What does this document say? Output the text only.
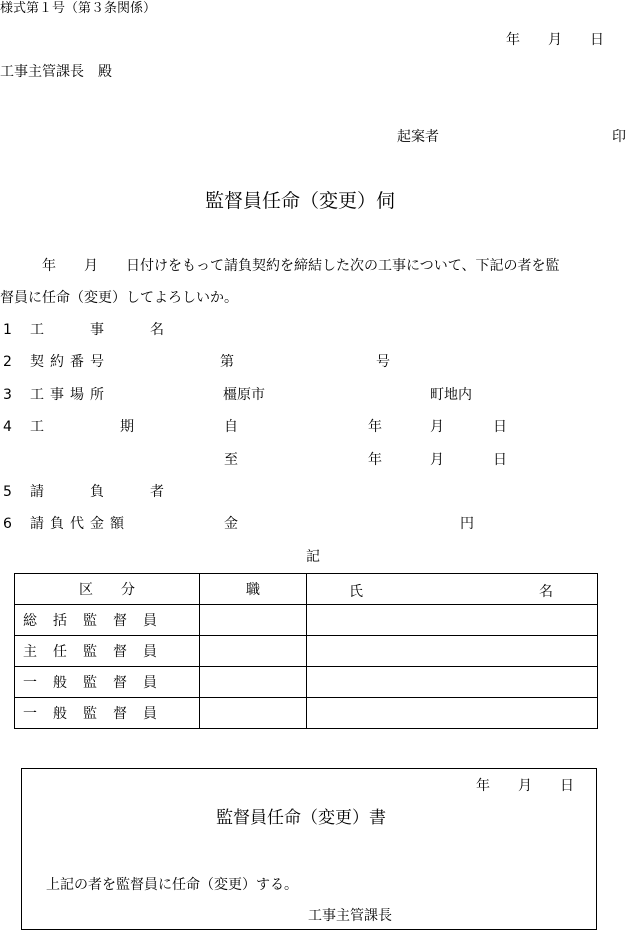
様式第１号（第３条関係）
年　　月　　日
工事主管課長　殿
起案者	印
監督員任命（変更）伺
　　　年　　月　　日付けをもって請負契約を締結した次の工事について、下記の者を監
督員に任命（変更）してよろしいか。
1 工　事　名
2 契約番号	第	号
3 工事場所	橿原市	町地内
4 工　　期	自	年	月	日
至	年	月	日
5 請　負　者
6 請負代金額	金	円
記
区　　分	職	氏 名

総括監督員		
主任監督員		
一般監督員		
一般監督員		
年　　月　　日
監督員任命（変更）書
上記の者を監督員に任命（変更）する。
工事主管課長
